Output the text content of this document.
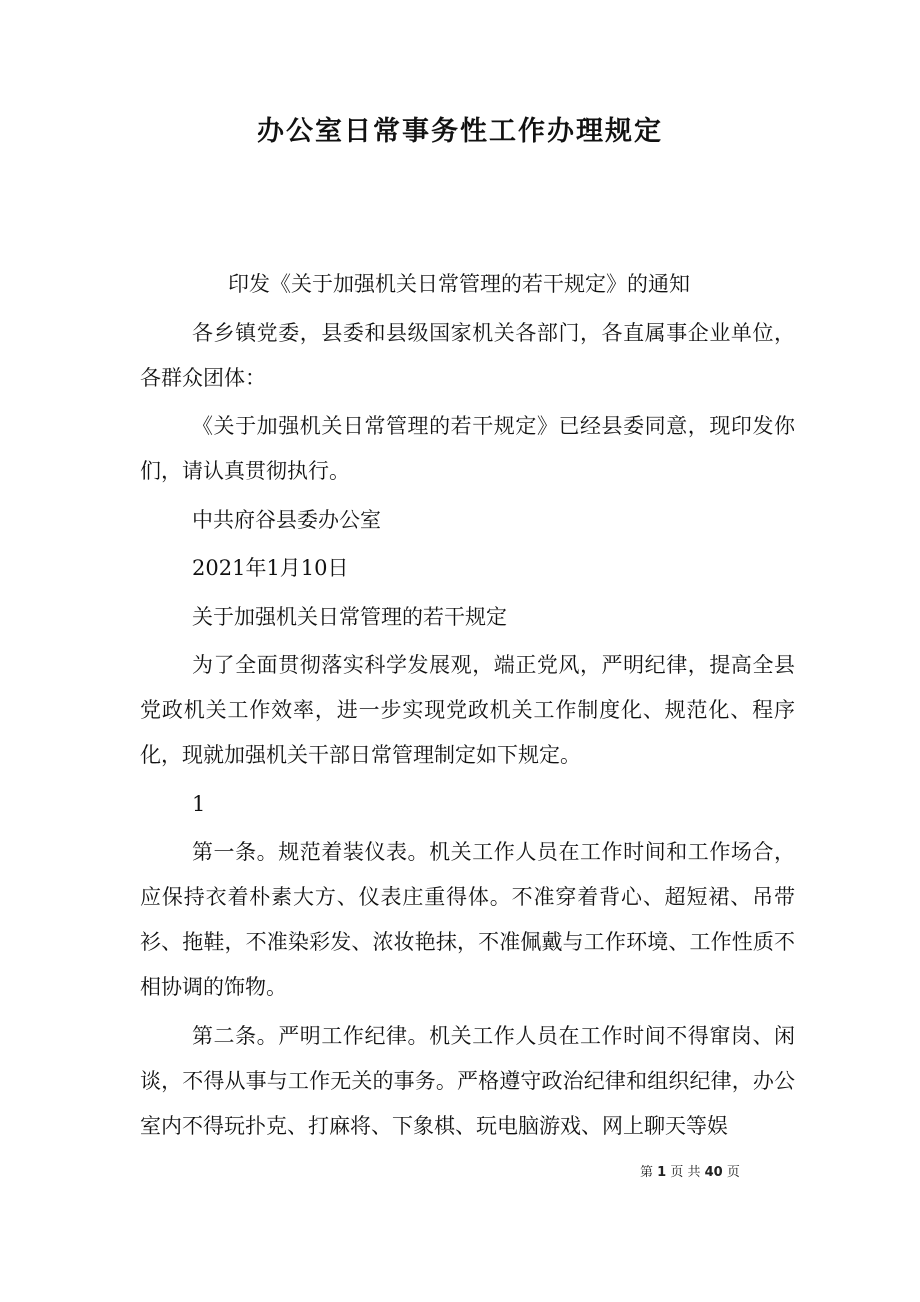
办公室日常事务性工作办理规定

印发《关于加强机关日常管理的若干规定》的通知

各乡镇党委，县委和县级国家机关各部门，各直属事企业单位，各群众团体：

《关于加强机关日常管理的若干规定》已经县委同意，现印发你们，请认真贯彻执行。

中共府谷县委办公室

2021年1月10日

关于加强机关日常管理的若干规定

为了全面贯彻落实科学发展观，端正党风，严明纪律，提高全县党政机关工作效率，进一步实现党政机关工作制度化、规范化、程序化，现就加强机关干部日常管理制定如下规定。

1

第一条。规范着装仪表。机关工作人员在工作时间和工作场合，应保持衣着朴素大方、仪表庄重得体。不准穿着背心、超短裙、吊带衫、拖鞋，不准染彩发、浓妆艳抹，不准佩戴与工作环境、工作性质不相协调的饰物。

第二条。严明工作纪律。机关工作人员在工作时间不得窜岗、闲谈，不得从事与工作无关的事务。严格遵守政治纪律和组织纪律，办公室内不得玩扑克、打麻将、下象棋、玩电脑游戏、网上聊天等娱

第 1 页 共 40 页
